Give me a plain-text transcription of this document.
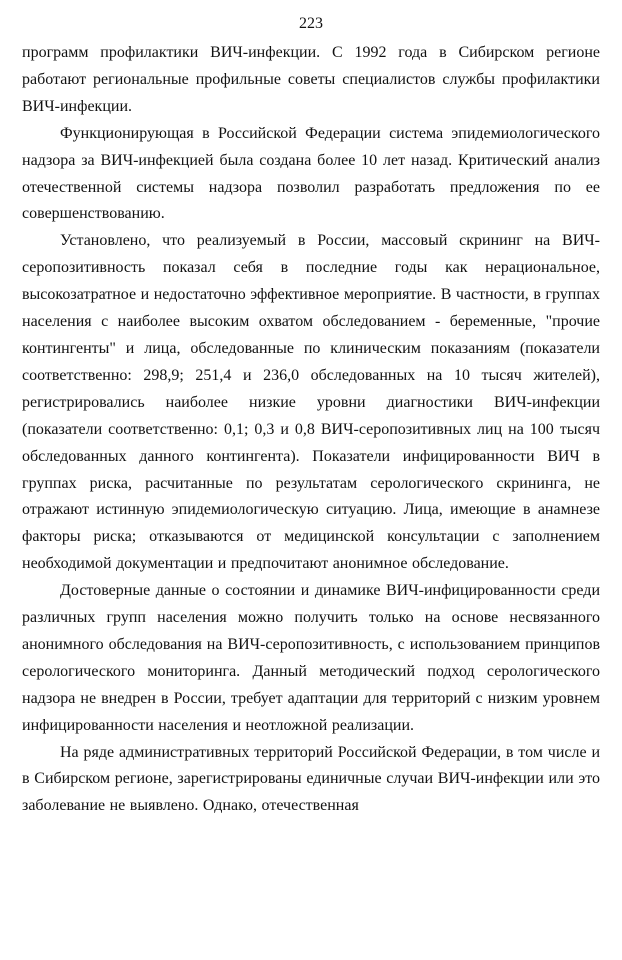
223

программ профилактики ВИЧ-инфекции. С 1992 года в Сибирском регионе работают региональные профильные советы специалистов службы профилактики ВИЧ-инфекции.

Функционирующая в Российской Федерации система эпидемиологического надзора за ВИЧ-инфекцией была создана более 10 лет назад. Критический анализ отечественной системы надзора позволил разработать предложения по ее совершенствованию.

Установлено, что реализуемый в России, массовый скрининг на ВИЧ-серопозитивность показал себя в последние годы как нерациональное, высокозатратное и недостаточно эффективное мероприятие. В частности, в группах населения с наиболее высоким охватом обследованием - беременные, "прочие контингенты" и лица, обследованные по клиническим показаниям (показатели соответственно: 298,9; 251,4 и 236,0 обследованных на 10 тысяч жителей), регистрировались наиболее низкие уровни диагностики ВИЧ-инфекции (показатели соответственно: 0,1; 0,3 и 0,8 ВИЧ-серопозитивных лиц на 100 тысяч обследованных данного контингента). Показатели инфицированности ВИЧ в группах риска, расчитанные по результатам серологического скрининга, не отражают истинную эпидемиологическую ситуацию. Лица, имеющие в анамнезе факторы риска; отказываются от медицинской консультации с заполнением необходимой документации и предпочитают анонимное обследование.

Достоверные данные о состоянии и динамике ВИЧ-инфицированности среди различных групп населения можно получить только на основе несвязанного анонимного обследования на ВИЧ-серопозитивность, с использованием принципов серологического мониторинга. Данный методический подход серологического надзора не внедрен в России, требует адаптации для территорий с низким уровнем инфицированности населения и неотложной реализации.

На ряде административных территорий Российской Федерации, в том числе и в Сибирском регионе, зарегистрированы единичные случаи ВИЧ-инфекции или это заболевание не выявлено. Однако, отечественная
